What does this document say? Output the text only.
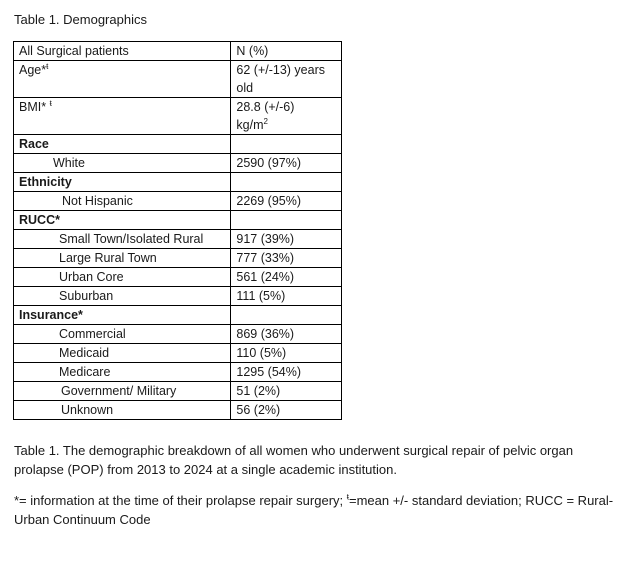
Table 1. Demographics
All Surgical patients	N (%)
Age*$^ŧ$	62 (+/-13) years
old
BMI* $^ŧ$	28.8 (+/-6)
$kg/m^2$
Race	
White	2590 (97%)
Ethnicity	
Not Hispanic	2269 (95%)
RUCC*	
Small Town/Isolated Rural	917 (39%)
Large Rural Town	777 (33%)
Urban Core	561 (24%)
Suburban	111 (5%)
Insurance*	
Commercial	869 (36%)
Medicaid	110 (5%)
Medicare	1295 (54%)
Government/ Military	51 (2%)
Unknown	56 (2%)
Table 1. The demographic breakdown of all women who underwent surgical repair of pelvic organ prolapse (POP) from 2013 to 2024 at a single academic institution.
*= information at the time of their prolapse repair surgery; $^ŧ$=mean +/- standard deviation; RUCC = Rural-Urban Continuum Code
